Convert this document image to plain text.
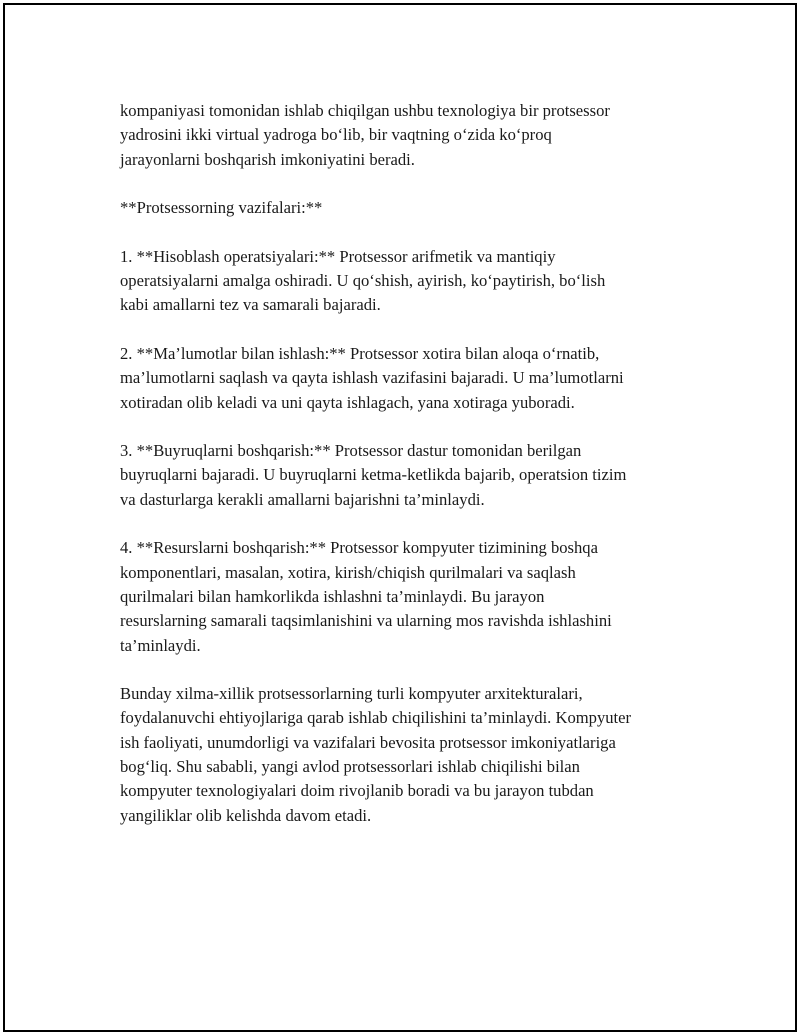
kompaniyasi tomonidan ishlab chiqilgan ushbu texnologiya bir protsessor
yadrosini ikki virtual yadroga bo‘lib, bir vaqtning o‘zida ko‘proq
jarayonlarni boshqarish imkoniyatini beradi.

**Protsessorning vazifalari:**

1. **Hisoblash operatsiyalari:** Protsessor arifmetik va mantiqiy
operatsiyalarni amalga oshiradi. U qo‘shish, ayirish, ko‘paytirish, bo‘lish
kabi amallarni tez va samarali bajaradi.

2. **Ma’lumotlar bilan ishlash:** Protsessor xotira bilan aloqa o‘rnatib,
ma’lumotlarni saqlash va qayta ishlash vazifasini bajaradi. U ma’lumotlarni
xotiradan olib keladi va uni qayta ishlagach, yana xotiraga yuboradi.

3. **Buyruqlarni boshqarish:** Protsessor dastur tomonidan berilgan
buyruqlarni bajaradi. U buyruqlarni ketma-ketlikda bajarib, operatsion tizim
va dasturlarga kerakli amallarni bajarishni ta’minlaydi.

4. **Resurslarni boshqarish:** Protsessor kompyuter tizimining boshqa
komponentlari, masalan, xotira, kirish/chiqish qurilmalari va saqlash
qurilmalari bilan hamkorlikda ishlashni ta’minlaydi. Bu jarayon
resurslarning samarali taqsimlanishini va ularning mos ravishda ishlashini
ta’minlaydi.

Bunday xilma-xillik protsessorlarning turli kompyuter arxitekturalari,
foydalanuvchi ehtiyojlariga qarab ishlab chiqilishini ta’minlaydi. Kompyuter
ish faoliyati, unumdorligi va vazifalari bevosita protsessor imkoniyatlariga
bog‘liq. Shu sababli, yangi avlod protsessorlari ishlab chiqilishi bilan
kompyuter texnologiyalari doim rivojlanib boradi va bu jarayon tubdan
yangiliklar olib kelishda davom etadi.
